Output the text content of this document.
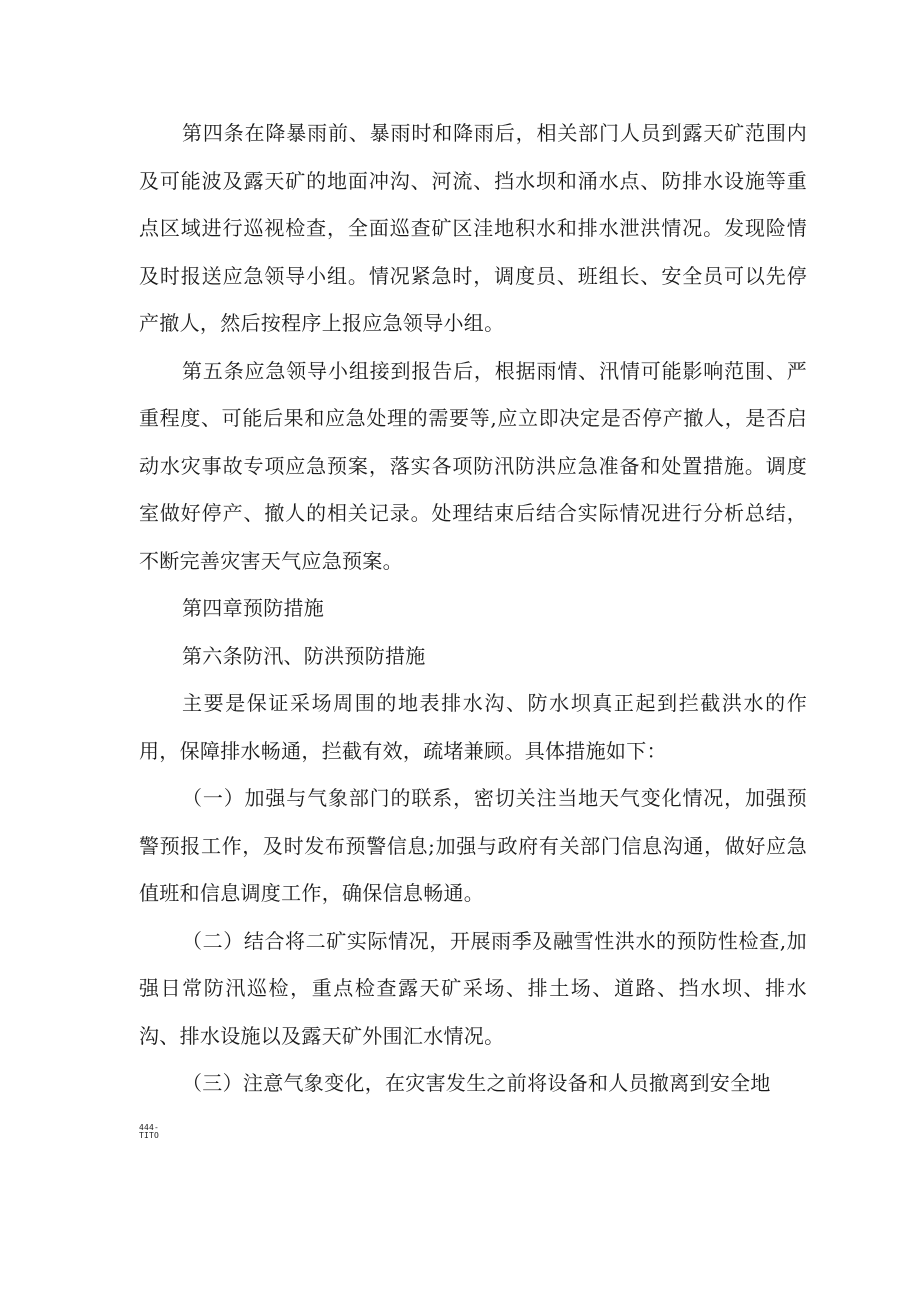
第四条在降暴雨前、暴雨时和降雨后，相关部门人员到露天矿范围内及可能波及露天矿的地面冲沟、河流、挡水坝和涌水点、防排水设施等重点区域进行巡视检查，全面巡查矿区洼地积水和排水泄洪情况。发现险情及时报送应急领导小组。情况紧急时，调度员、班组长、安全员可以先停产撤人，然后按程序上报应急领导小组。

第五条应急领导小组接到报告后，根据雨情、汛情可能影响范围、严重程度、可能后果和应急处理的需要等,应立即决定是否停产撤人，是否启动水灾事故专项应急预案，落实各项防汛防洪应急准备和处置措施。调度室做好停产、撤人的相关记录。处理结束后结合实际情况进行分析总结，不断完善灾害天气应急预案。

第四章预防措施

第六条防汛、防洪预防措施

主要是保证采场周围的地表排水沟、防水坝真正起到拦截洪水的作用，保障排水畅通，拦截有效，疏堵兼顾。具体措施如下：

（一）加强与气象部门的联系，密切关注当地天气变化情况，加强预警预报工作，及时发布预警信息;加强与政府有关部门信息沟通，做好应急值班和信息调度工作，确保信息畅通。

（二）结合将二矿实际情况，开展雨季及融雪性洪水的预防性检查,加强日常防汛巡检，重点检查露天矿采场、排土场、道路、挡水坝、排水沟、排水设施以及露天矿外围汇水情况。

（三）注意气象变化，在灾害发生之前将设备和人员撤离到安全地

444-
TITO
